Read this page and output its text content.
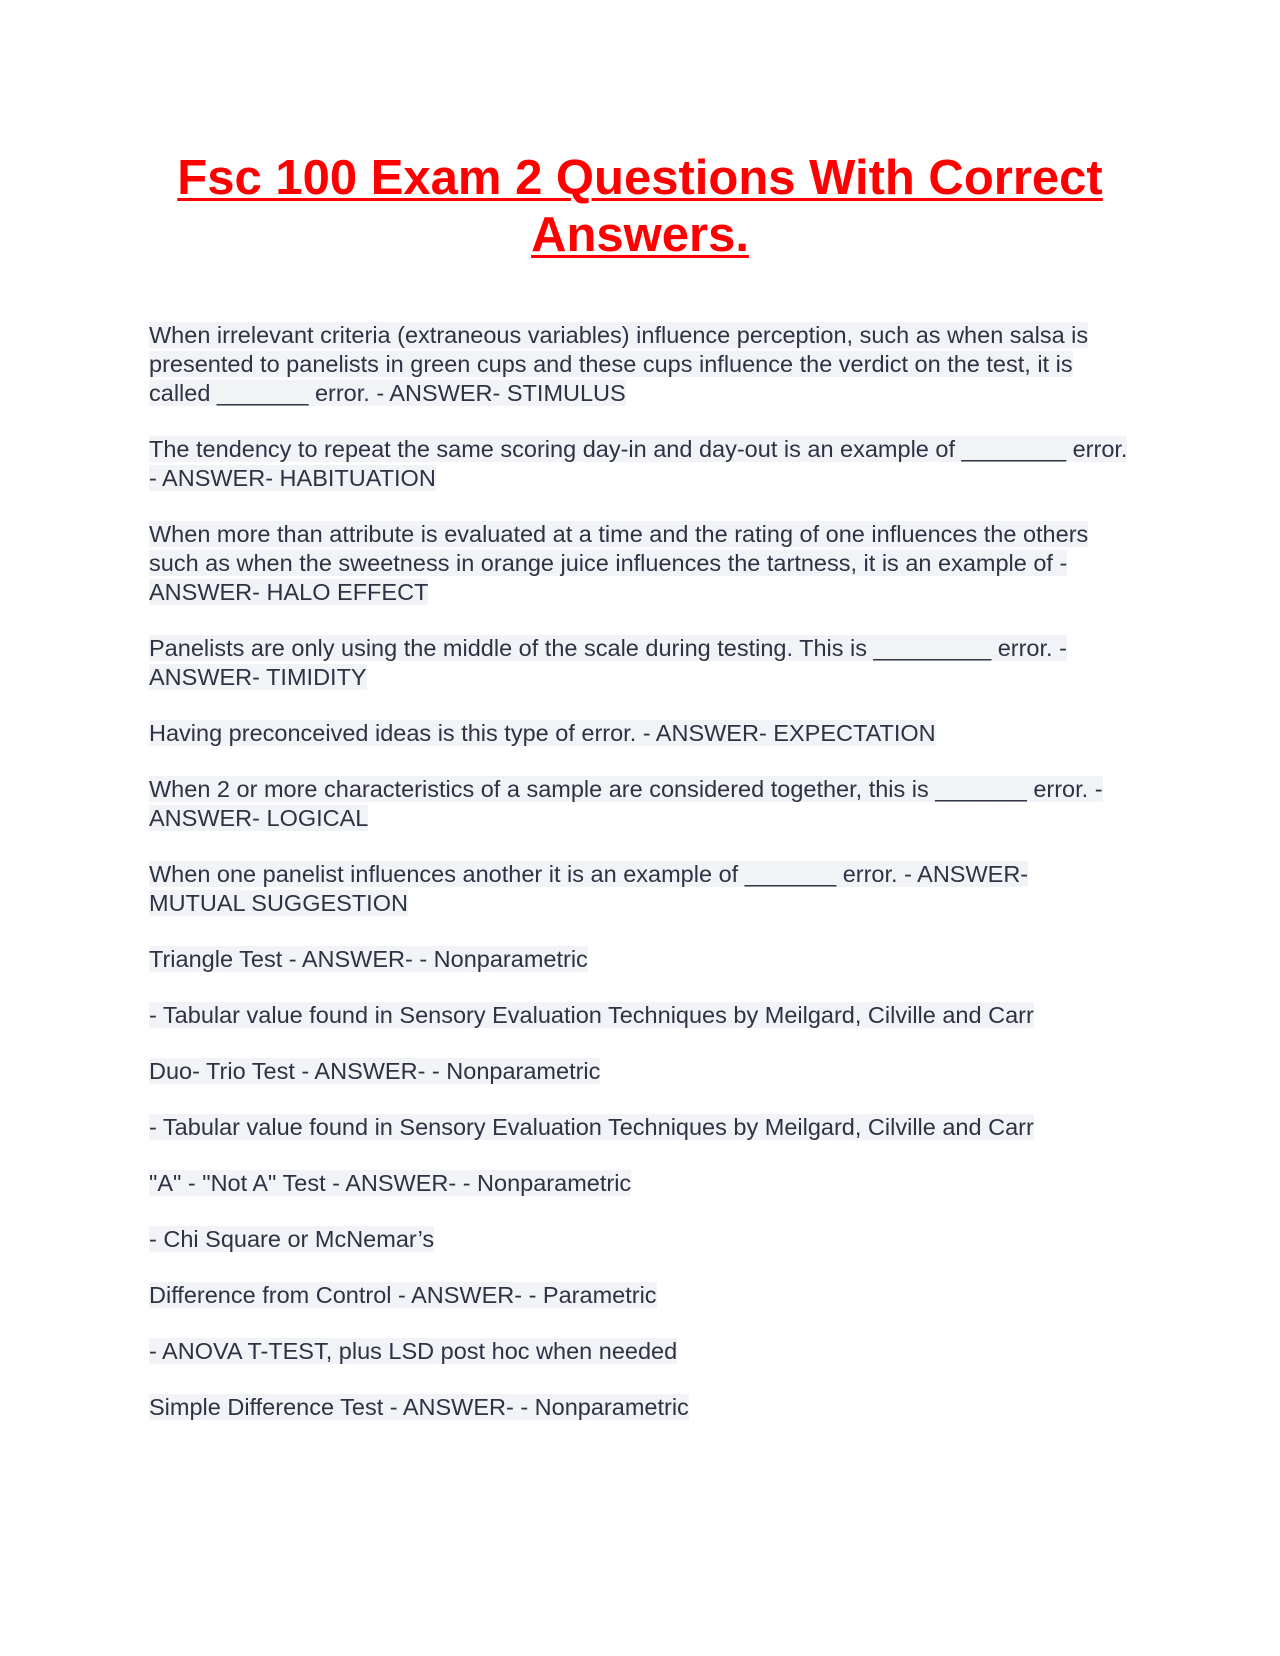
Fsc 100 Exam 2 Questions With Correct Answers.

When irrelevant criteria (extraneous variables) influence perception, such as when salsa is presented to panelists in green cups and these cups influence the verdict on the test, it is called _______ error. - ANSWER- STIMULUS

The tendency to repeat the same scoring day-in and day-out is an example of ________ error. - ANSWER- HABITUATION

When more than attribute is evaluated at a time and the rating of one influences the others such as when the sweetness in orange juice influences the tartness, it is an example of - ANSWER- HALO EFFECT

Panelists are only using the middle of the scale during testing. This is _________ error. - ANSWER- TIMIDITY

Having preconceived ideas is this type of error. - ANSWER- EXPECTATION

When 2 or more characteristics of a sample are considered together, this is _______ error. - ANSWER- LOGICAL

When one panelist influences another it is an example of _______ error. - ANSWER- MUTUAL SUGGESTION

Triangle Test - ANSWER- - Nonparametric

- Tabular value found in Sensory Evaluation Techniques by Meilgard, Cilville and Carr

Duo- Trio Test - ANSWER- - Nonparametric

- Tabular value found in Sensory Evaluation Techniques by Meilgard, Cilville and Carr

"A" - "Not A" Test - ANSWER- - Nonparametric

- Chi Square or McNemar’s

Difference from Control - ANSWER- - Parametric

- ANOVA T-TEST, plus LSD post hoc when needed

Simple Difference Test - ANSWER- - Nonparametric
